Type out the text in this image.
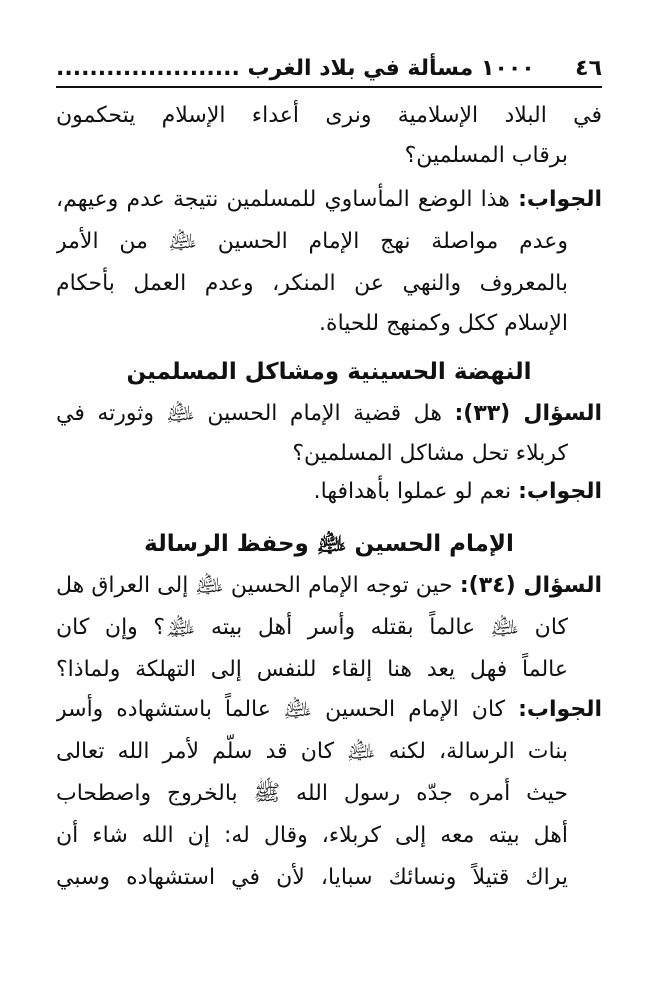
٤٦
١٠٠٠ مسألة في بلاد الغرب ......................
في البلاد الإسلامية ونرى أعداء الإسلام يتحكمون
برقاب المسلمين؟
الجواب: هذا الوضع المأساوي للمسلمين نتيجة عدم وعيهم،
وعدم مواصلة نهج الإمام الحسين ﵇ من الأمر
بالمعروف والنهي عن المنكر، وعدم العمل بأحكام
الإسلام ككل وكمنهج للحياة.
النهضة الحسينية ومشاكل المسلمين
السؤال (٣٣): هل قضية الإمام الحسين ﵇ وثورته في
كربلاء تحل مشاكل المسلمين؟
الجواب: نعم لو عملوا بأهدافها.
الإمام الحسين ﵇ وحفظ الرسالة
السؤال (٣٤): حين توجه الإمام الحسين ﵇ إلى العراق هل
كان ﵇ عالماً بقتله وأسر أهل بيته ﵈؟ وإن كان
عالماً فهل يعد هنا إلقاء للنفس إلى التهلكة ولماذا؟
الجواب: كان الإمام الحسين ﵇ عالماً باستشهاده وأسر
بنات الرسالة، لكنه ﵇ كان قد سلّم لأمر الله تعالى
حيث أمره جدّه رسول الله ﷺ بالخروج واصطحاب
أهل بيته معه إلى كربلاء، وقال له: إن الله شاء أن
يراك قتيلاً ونسائك سبايا، لأن في استشهاده وسبي
